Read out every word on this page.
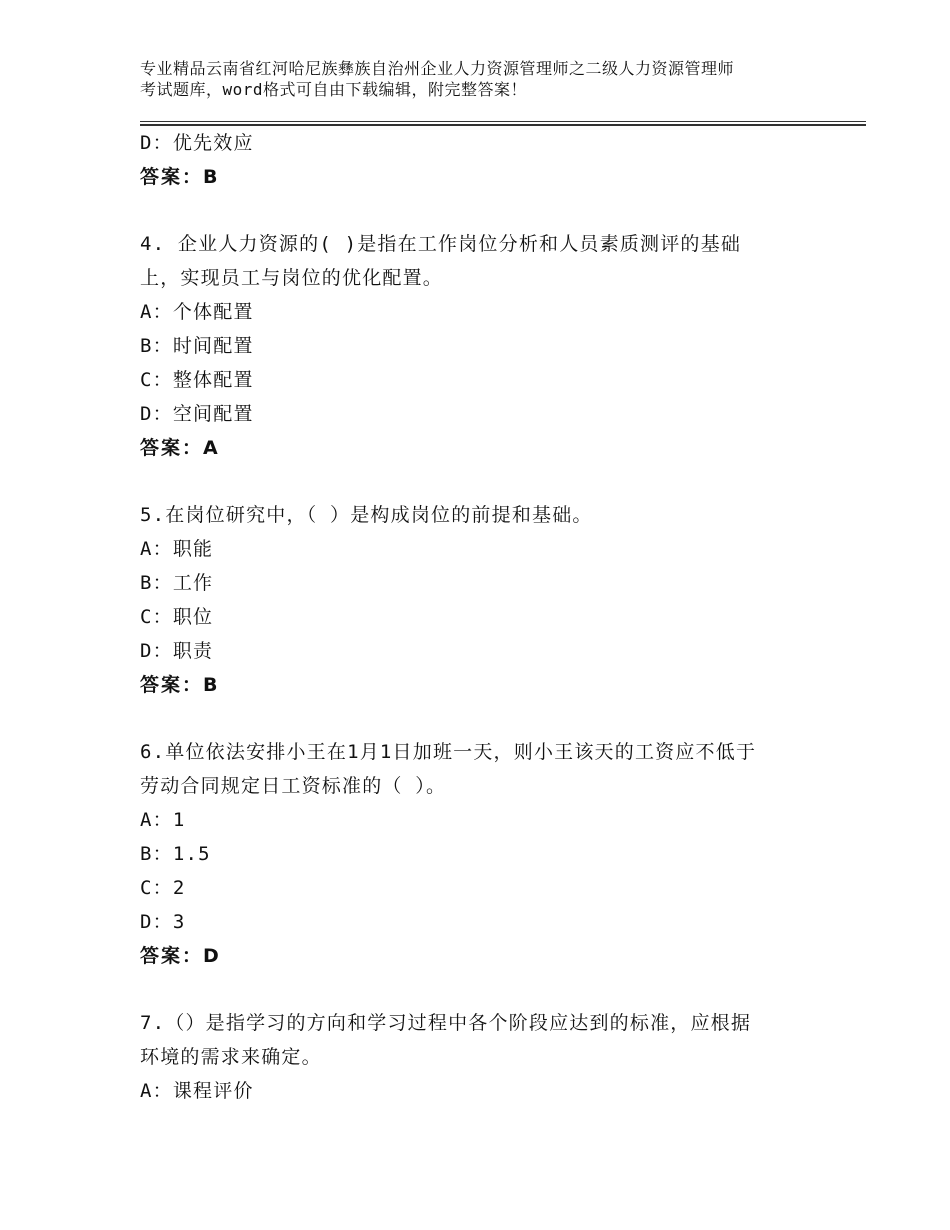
专业精品云南省红河哈尼族彝族自治州企业人力资源管理师之二级人力资源管理师
考试题库，word格式可自由下载编辑，附完整答案！
D：优先效应
答案：B
4. 企业人力资源的( )是指在工作岗位分析和人员素质测评的基础
上，实现员工与岗位的优化配置。
A：个体配置
B：时间配置
C：整体配置
D：空间配置
答案：A
5.在岗位研究中，（ ）是构成岗位的前提和基础。
A：职能
B：工作
C：职位
D：职责
答案：B
6.单位依法安排小王在1月1日加班一天，则小王该天的工资应不低于
劳动合同规定日工资标准的（ ）。
A：1
B：1.5
C：2
D：3
答案：D
7.（）是指学习的方向和学习过程中各个阶段应达到的标准，应根据
环境的需求来确定。
A：课程评价
